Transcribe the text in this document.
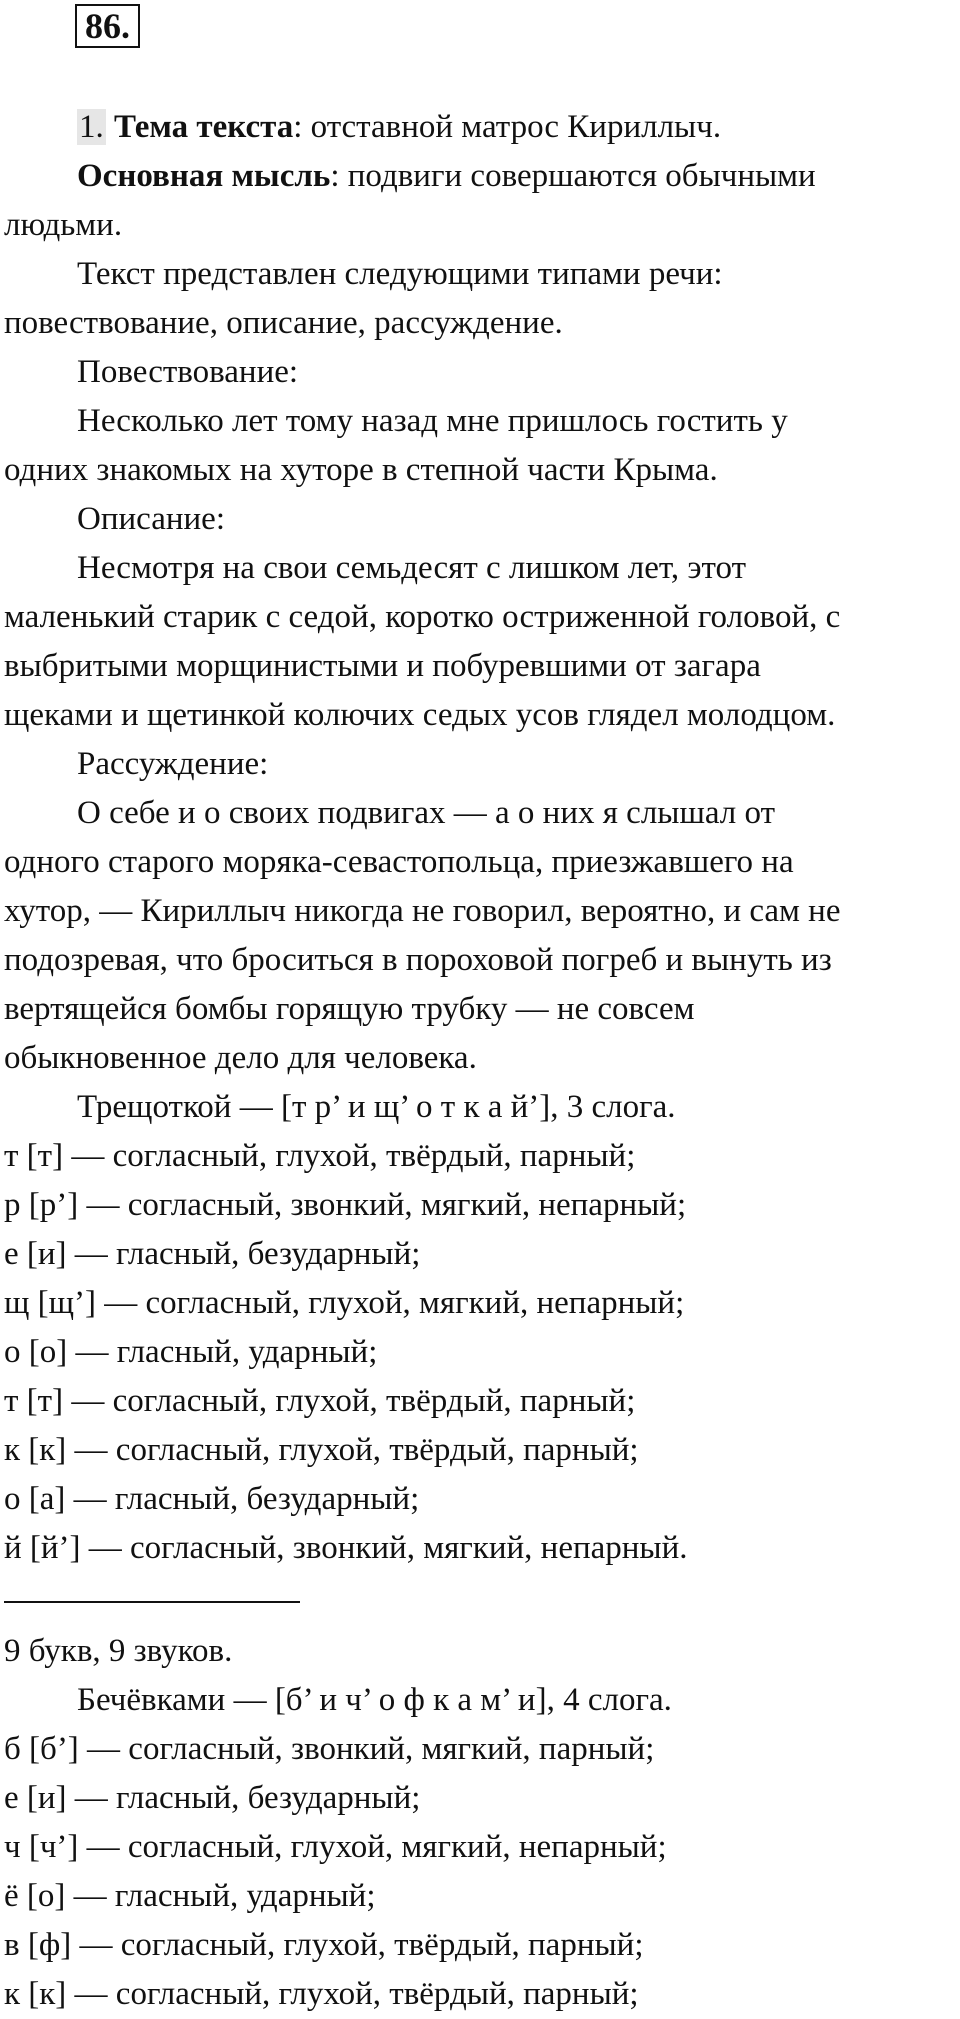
86.
1. Тема текста: отставной матрос Кириллыч.
Основная мысль: подвиги совершаются обычными
людьми.
Текст представлен следующими типами речи:
повествование, описание, рассуждение.
Повествование:
Несколько лет тому назад мне пришлось гостить у
одних знакомых на хуторе в степной части Крыма.
Описание:
Несмотря на свои семьдесят с лишком лет, этот
маленький старик с седой, коротко остриженной головой, с
выбритыми морщинистыми и побуревшими от загара
щеками и щетинкой колючих седых усов глядел молодцом.
Рассуждение:
О себе и о своих подвигах — а о них я слышал от
одного старого моряка-севастопольца, приезжавшего на
хутор, — Кириллыч никогда не говорил, вероятно, и сам не
подозревая, что броситься в пороховой погреб и вынуть из
вертящейся бомбы горящую трубку — не совсем
обыкновенное дело для человека.
Трещоткой — [т р’ и щ’ о т к а й’], 3 слога.
т [т] — согласный, глухой, твёрдый, парный;
р [р’] — согласный, звонкий, мягкий, непарный;
е [и] — гласный, безударный;
щ [щ’] — согласный, глухой, мягкий, непарный;
о [о] — гласный, ударный;
т [т] — согласный, глухой, твёрдый, парный;
к [к] — согласный, глухой, твёрдый, парный;
о [а] — гласный, безударный;
й [й’] — согласный, звонкий, мягкий, непарный.
9 букв, 9 звуков.
Бечёвками — [б’ и ч’ о ф к а м’ и], 4 слога.
б [б’] — согласный, звонкий, мягкий, парный;
е [и] — гласный, безударный;
ч [ч’] — согласный, глухой, мягкий, непарный;
ё [о] — гласный, ударный;
в [ф] — согласный, глухой, твёрдый, парный;
к [к] — согласный, глухой, твёрдый, парный;
